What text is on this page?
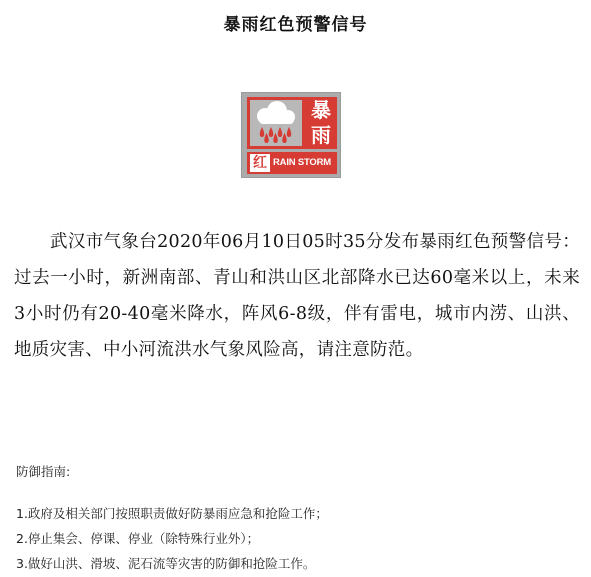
暴雨红色预警信号
暴
雨
红 RAIN STORM
武汉市气象台2020年06月10日05时35分发布暴雨红色预警信号：过去一小时，新洲南部、青山和洪山区北部降水已达60毫米以上，未来3小时仍有20-40毫米降水，阵风6-8级，伴有雷电，城市内涝、山洪、地质灾害、中小河流洪水气象风险高，请注意防范。
防御指南:
1.政府及相关部门按照职责做好防暴雨应急和抢险工作；
2.停止集会、停课、停业（除特殊行业外）；
3.做好山洪、滑坡、泥石流等灾害的防御和抢险工作。
